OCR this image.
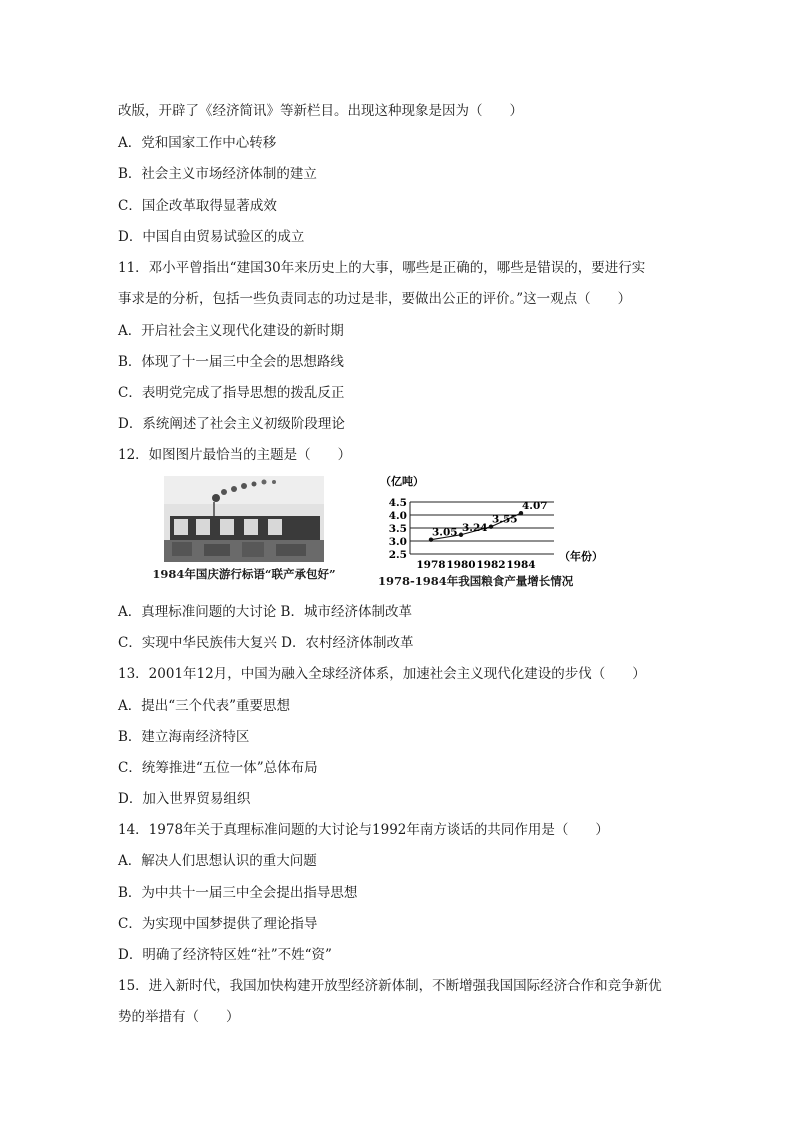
改版，开辟了《经济简讯》等新栏目。出现这种现象是因为（　　）
A．党和国家工作中心转移
B．社会主义市场经济体制的建立
C．国企改革取得显著成效
D．中国自由贸易试验区的成立
11．邓小平曾指出“建国30年来历史上的大事，哪些是正确的，哪些是错误的，要进行实
事求是的分析，包括一些负责同志的功过是非，要做出公正的评价。”这一观点（　　）
A．开启社会主义现代化建设的新时期
B．体现了十一届三中全会的思想路线
C．表明党完成了指导思想的拨乱反正
D．系统阐述了社会主义初级阶段理论
12．如图图片最恰当的主题是（　　）
A．真理标准问题的大讨论 B．城市经济体制改革
C．实现中华民族伟大复兴 D．农村经济体制改革
13．2001年12月，中国为融入全球经济体系，加速社会主义现代化建设的步伐（　　）
A．提出“三个代表”重要思想
B．建立海南经济特区
C．统筹推进“五位一体”总体布局
D．加入世界贸易组织
14．1978年关于真理标准问题的大讨论与1992年南方谈话的共同作用是（　　）
A．解决人们思想认识的重大问题
B．为中共十一届三中全会提出指导思想
C．为实现中国梦提供了理论指导
D．明确了经济特区姓“社”不姓“资”
15．进入新时代，我国加快构建开放型经济新体制，不断增强我国国际经济合作和竞争新优
势的举措有（　　）
1984年国庆游行标语“联产承包好”
（亿吨）
4.5
4.0
3.5
3.0
2.5
1978 1980 1982 1984
（年份）
3.05 3.24
3.55
4.07
1978-1984年我国粮食产量增长情况
